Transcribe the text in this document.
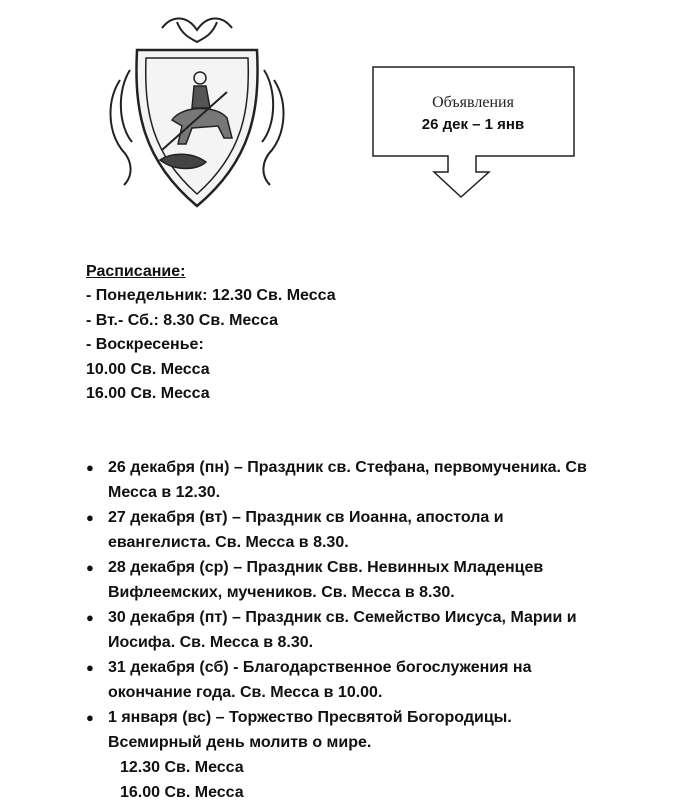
Объявления
26 дек – 1 янв
Расписание:
- Понедельник: 12.30 Св. Месса
- Вт.- Сб.: 8.30 Св. Месса
- Воскресенье:
10.00 Св. Месса
16.00 Св. Месса
● 26 декабря (пн) – Праздник св. Стефана, первомученика. Св
Месса в 12.30.
● 27 декабря (вт) – Праздник св Иоанна, апостола и
евангелиста. Св. Месса в 8.30.
● 28 декабря (ср) – Праздник Свв. Невинных Младенцев
Вифлеемских, мучеников. Св. Месса в 8.30.
● 30 декабря (пт) – Праздник св. Семейство Иисуса, Марии и
Иосифа. Св. Месса в 8.30.
● 31 декабря (сб) - Благодарственное богослужения на
окончание года. Св. Месса в 10.00.
● 1 января (вс) – Торжество Пресвятой Богородицы.
Всемирный день молитв о мире.
12.30 Св. Месса
16.00 Св. Месса
